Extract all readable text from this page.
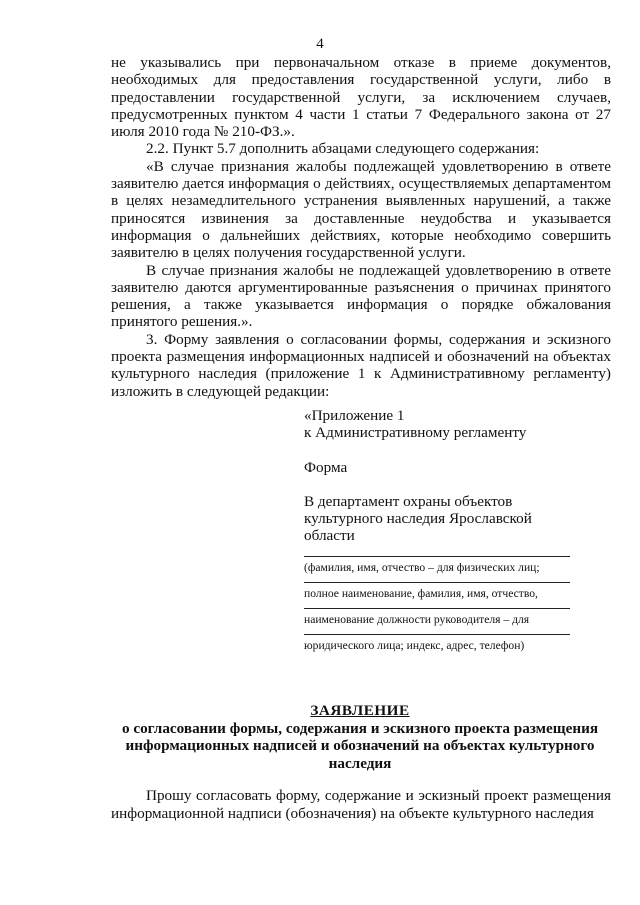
4

не указывались при первоначальном отказе в приеме документов, необходимых для предоставления государственной услуги, либо в предоставлении государственной услуги, за исключением случаев, предусмотренных пунктом 4 части 1 статьи 7 Федерального закона от 27 июля 2010 года № 210-ФЗ.».

2.2. Пункт 5.7 дополнить абзацами следующего содержания:

«В случае признания жалобы подлежащей удовлетворению в ответе заявителю дается информация о действиях, осуществляемых департаментом в целях незамедлительного устранения выявленных нарушений, а также приносятся извинения за доставленные неудобства и указывается информация о дальнейших действиях, которые необходимо совершить заявителю в целях получения государственной услуги.

В случае признания жалобы не подлежащей удовлетворению в ответе заявителю даются аргументированные разъяснения о причинах принятого решения, а также указывается информация о порядке обжалования принятого решения.».

3. Форму заявления о согласовании формы, содержания и эскизного проекта размещения информационных надписей и обозначений на объектах культурного наследия (приложение 1 к Административному регламенту) изложить в следующей редакции:

«Приложение 1
к Административному регламенту
Форма
В департамент охраны объектов
культурного наследия Ярославской
области
(фамилия, имя, отчество – для физических лиц;
полное наименование, фамилия, имя, отчество,
наименование должности руководителя – для
юридического лица; индекс, адрес, телефон)
ЗАЯВЛЕНИЕ
о согласовании формы, содержания и эскизного проекта размещения информационных надписей и обозначений на объектах культурного наследия

Прошу согласовать форму, содержание и эскизный проект размещения информационной надписи (обозначения) на объекте культурного наследия
